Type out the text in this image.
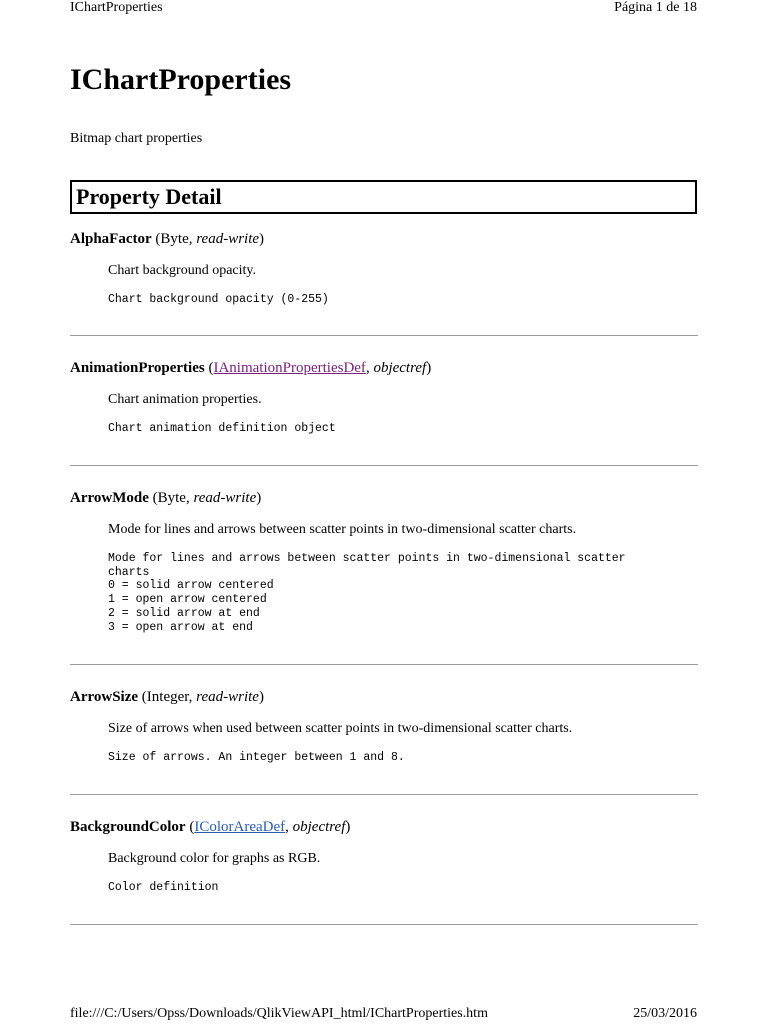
IChartProperties	Página 1 de 18
IChartProperties
Bitmap chart properties
Property Detail
AlphaFactor (Byte, read-write)
Chart background opacity.
Chart background opacity (0-255)
AnimationProperties (IAnimationPropertiesDef, objectref)
Chart animation properties.
Chart animation definition object
ArrowMode (Byte, read-write)
Mode for lines and arrows between scatter points in two-dimensional scatter charts.
Mode for lines and arrows between scatter points in two-dimensional scatter
charts
0 = solid arrow centered
1 = open arrow centered
2 = solid arrow at end
3 = open arrow at end
ArrowSize (Integer, read-write)
Size of arrows when used between scatter points in two-dimensional scatter charts.
Size of arrows. An integer between 1 and 8.
BackgroundColor (IColorAreaDef, objectref)
Background color for graphs as RGB.
Color definition
file:///C:/Users/Opss/Downloads/QlikViewAPI_html/IChartProperties.htm	25/03/2016
